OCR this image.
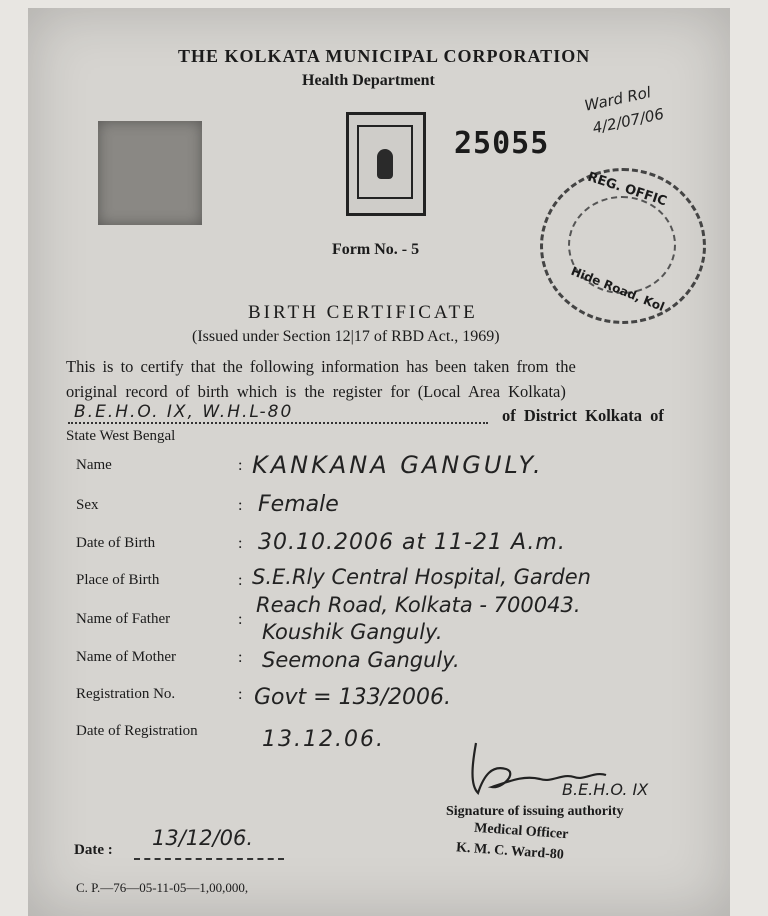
THE KOLKATA MUNICIPAL CORPORATION
Health Department
25055
Ward Rol
4/2/07/06
REG. OFFIC
Hide Road, Kol
Form No. - 5
BIRTH CERTIFICATE
(Issued under Section 12|17 of RBD Act., 1969)
This is to certify that the following information has been taken from the
original record of birth which is the register for (Local Area Kolkata)
B.E.H.O. IX, W.H.L-80	of District Kolkata of
State West Bengal
Name
Sex
Date of Birth
Place of Birth
Name of Father
Name of Mother
Registration No.
Date of Registration
:
:
:
:
:
:
:
KANKANA GANGULY.
Female
30.10.2006 at 11-21 A.m.
S.E.Rly Central Hospital, Garden
Reach Road, Kolkata - 700043.
Koushik Ganguly.
Seemona Ganguly.
Govt = 133/2006.
13.12.06.
B.E.H.O. IX
Signature of issuing authority
Medical Officer
K. M. C. Ward-80
Date : 13/12/06.
C. P.—76—05-11-05—1,00,000,
